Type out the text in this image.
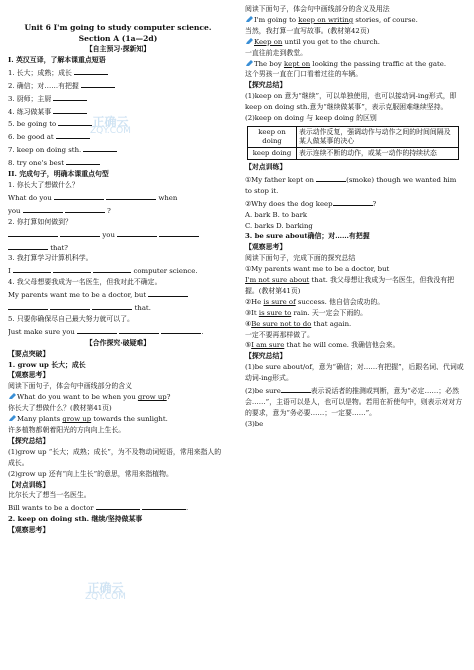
Unit 6 I'm going to study computer science.
Section A (1a—2d)
【自主预习·探新知】
I. 英汉互译，了解本课重点短语
1. 长大；成熟；成长
2. 确信；对……有把握
3. 厨师；主厨
4. 练习做某事
5. be going to
6. be good at
7. keep on doing sth.
8. try one's best
II. 完成句子，明确本课重点句型
1. 你长大了想做什么？
What do you	when
you	?
2. 你打算如何做到？
you
that?
3. 我打算学习计算机科学。
I	computer science.
4. 我父母想要我成为一名医生，但我对此不确定。
My parents want me to be a doctor, but
that.
5. 只要你确保尽自己最大努力就可以了。
Just make sure you	.
【合作探究·破疑难】
【要点突破】
1. grow up 长大；成长
【观察思考】
阅读下面句子，体会句中画线部分的含义
What do you want to be when you grow up?
你长大了想做什么？(教材第41页)
Many plants grow up towards the sunlight.
许多植物都朝着阳光的方向向上生长。
【探究总结】
(1)grow up “长大；成熟；成长”，为不及物动词短语，常用来指人的成长。
(2)grow up 还有“向上生长”的意思，常用来指植物。
【对点训练】
比尔长大了想当一名医生。
Bill wants to be a doctor	.
2. keep on doing sth. 继续/坚持做某事
【观察思考】
阅读下面句子，体会句中画线部分的含义及用法
I'm going to keep on writing stories, of course.
当然，我打算一直写故事。(教材第42页)
Keep on until you get to the church.
一直往前走到教堂。
The boy kept on looking the passing traffic at the gate.
这个男孩一直在门口看着过往的车辆。
【探究总结】
(1)keep on 意为“继续”，可以单独使用，也可以接动词-ing形式，即keep on doing sth.意为“继续做某事”，表示克服困难继续坚持。
(2)keep on doing 与 keep doing 的区别
keep on doing	表示动作反复，强调动作与动作之间的时间间隔及某人做某事的决心
keep doing	表示连续不断的动作，或某一动作的持续状态
【对点训练】
①My father kept on	(smoke) though we wanted him to stop it.
②Why does the dog keep	?
A. bark B. to bark
C. barks D. barking
3. be sure about确信；对……有把握
【观察思考】
阅读下面句子，完成下面的探究总结
①My parents want me to be a doctor, but
I'm not sure about that. 我父母想让我成为一名医生，但我没有把握。(教材第41页)
②He is sure of success. 他自信会成功的。
③It is sure to rain. 天一定会下雨的。
④Be sure not to do that again.
一定不要再那样做了。
⑤I am sure that he will come. 我确信他会来。
【探究总结】
(1)be sure about/of，意为“确信；对……有把握”，后跟名词、代词或动词-ing形式。
(2)be sure	表示说话者的推测或判断，意为“必定……；必然会……”，主语可以是人，也可以是物。若用在祈使句中，则表示对对方的要求，意为“务必要……；一定要……”。
(3)be
正确云
ZQY.COM
正确云
ZQY.COM
